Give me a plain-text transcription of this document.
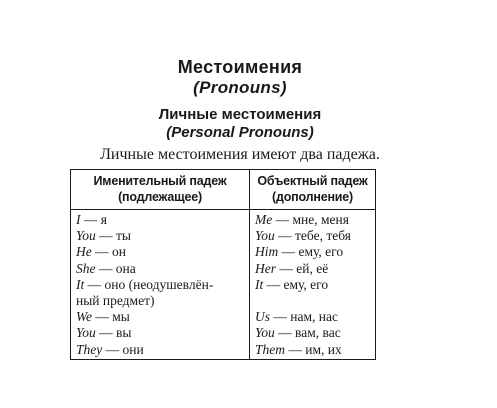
Местоимения
(Pronouns)
Личные местоимения
(Personal Pronouns)
Личные местоимения имеют два падежа.
Именительный падеж
(подлежащее)
Объектный падеж
(дополнение)
I — я
You — ты
He — он
She — она
It — оно (неодушевлён-
ный предмет)
We — мы
You — вы
They — они
Me — мне, меня
You — тебе, тебя
Him — ему, его
Her — ей, её
It — ему, его
Us — нам, нас
You — вам, вас
Them — им, их
